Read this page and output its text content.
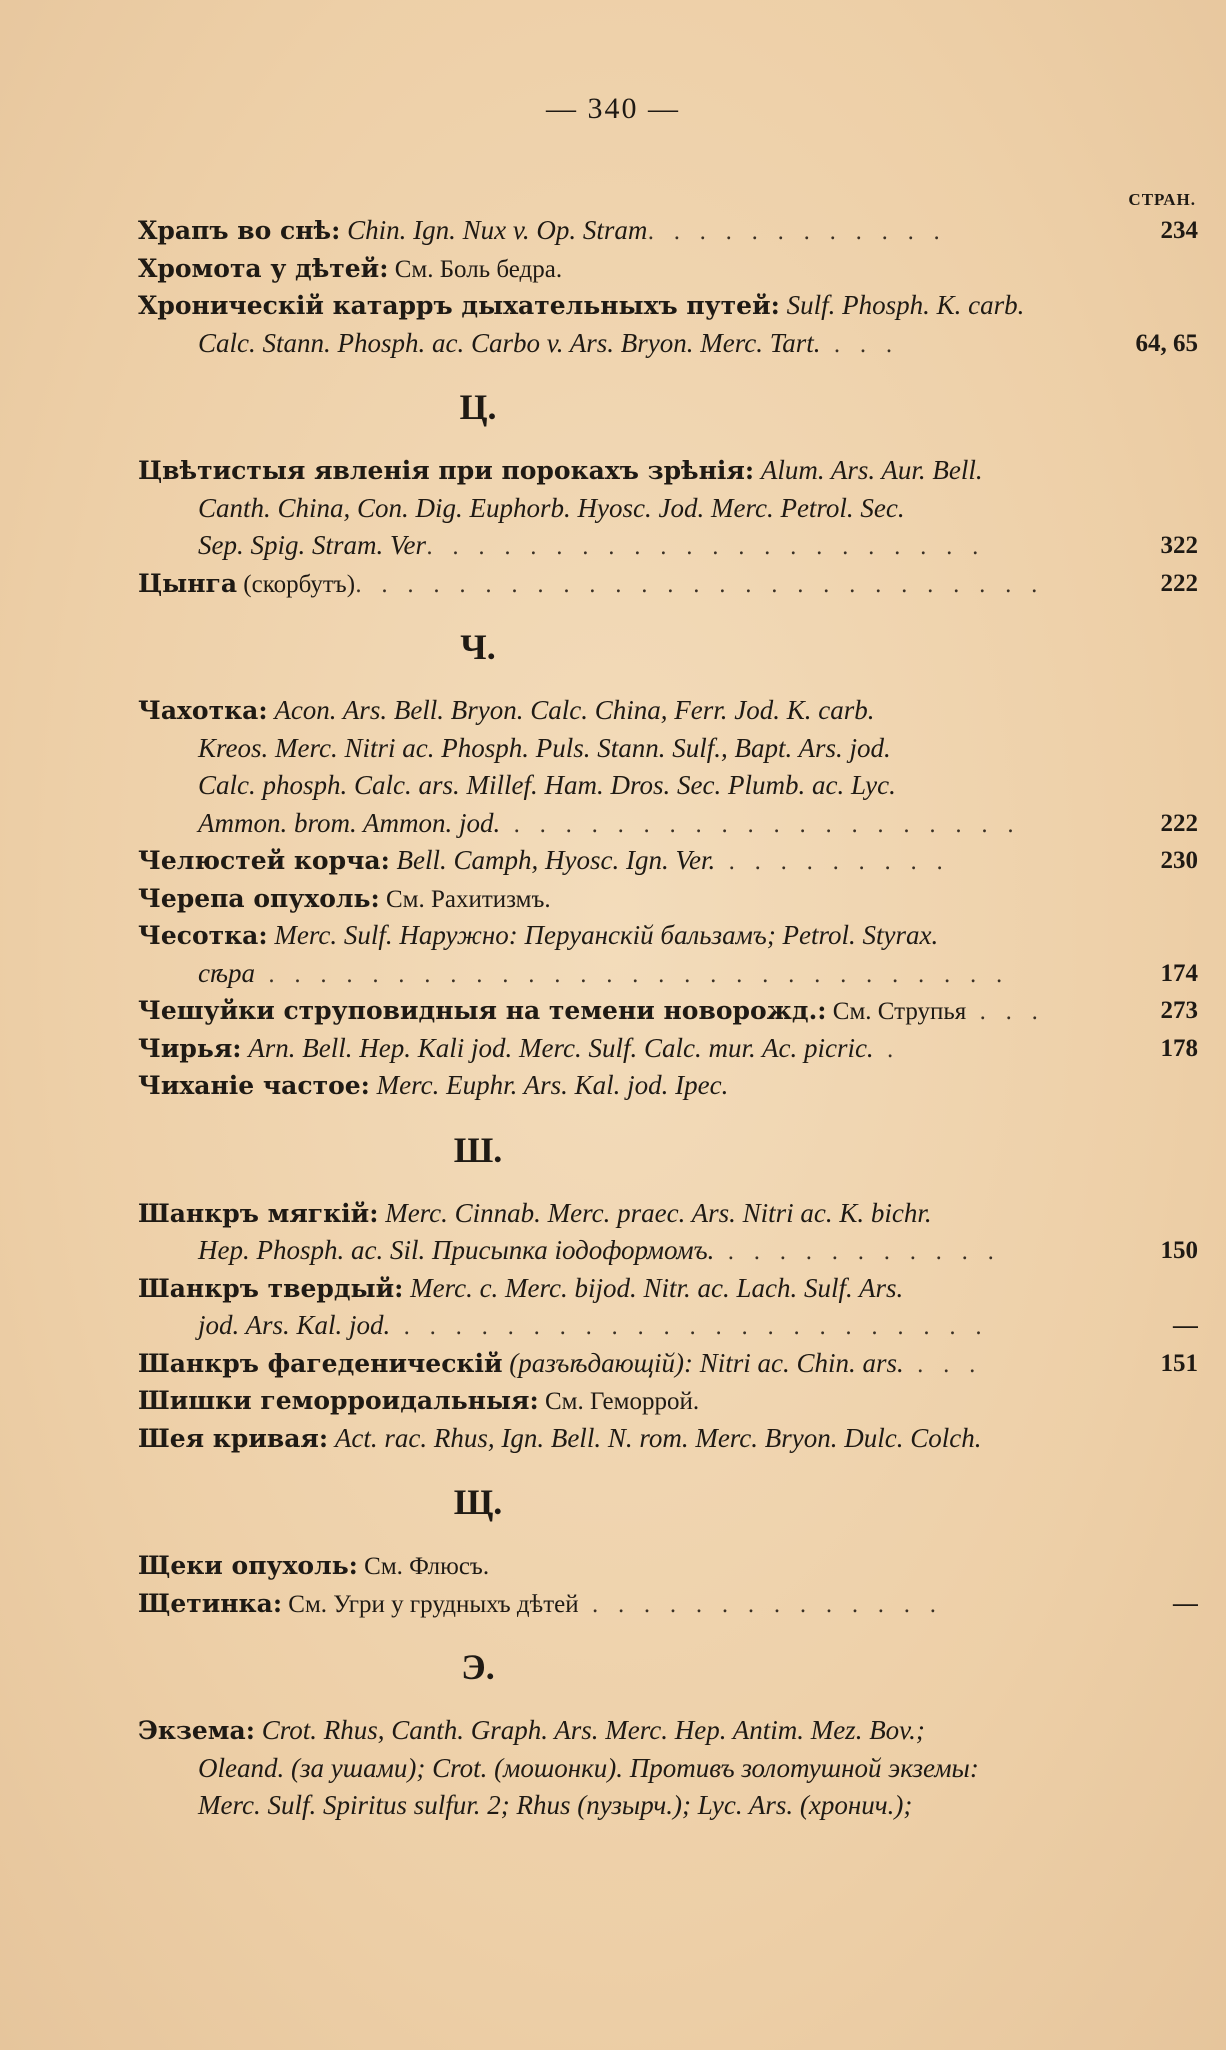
— 340 —
СТРАН.
Храпъ во снѣ: Chin. Ign. Nux v. Op. Stram. . . . . . . . . . . .	234
Хромота у дѣтей: См. Боль бедра.
Хроническій катарръ дыхательныхъ путей: Sulf. Phosph. K. carb.
Calc. Stann. Phosph. ac. Carbo v. Ars. Bryon. Merc. Tart. . . .	64, 65
Ц.
Цвѣтистыя явленія при порокахъ зрѣнія: Alum. Ars. Aur. Bell.
Canth. China, Con. Dig. Euphorb. Hyosc. Jod. Merc. Petrol. Sec.
Sep. Spig. Stram. Ver. . . . . . . . . . . . . . . . . . . . . .	322
Цынга (скорбутъ). . . . . . . . . . . . . . . . . . . . . . . . . . .	222
Ч.
Чахотка: Acon. Ars. Bell. Bryon. Calc. China, Ferr. Jod. K. carb.
Kreos. Merc. Nitri ac. Phosph. Puls. Stann. Sulf., Bapt. Ars. jod.
Calc. phosph. Calc. ars. Millef. Ham. Dros. Sec. Plumb. ac. Lyc.
Ammon. brom. Ammon. jod. . . . . . . . . . . . . . . . . . . . .	222
Челюстей корча: Bell. Camph, Hyosc. Ign. Ver. . . . . . . . . .	230
Черепа опухоль: См. Рахитизмъ.
Чесотка: Merc. Sulf. Наружно: Перуанскій бальзамъ; Petrol. Styrax.
сѣра . . . . . . . . . . . . . . . . . . . . . . . . . . . . .	174
Чешуйки струповидныя на темени новорожд.: См. Струпья . . .	273
Чирья: Arn. Bell. Hep. Kali jod. Merc. Sulf. Calc. mur. Ac. picric. .	178
Чиханіе частое: Merc. Euphr. Ars. Kal. jod. Ipec.
Ш.
Шанкръ мягкій: Merc. Cinnab. Merc. praec. Ars. Nitri ac. K. bichr.
Hep. Phosph. ac. Sil. Присыпка іодоформомъ. . . . . . . . . . . .	150
Шанкръ твердый: Merc. c. Merc. bijod. Nitr. ac. Lach. Sulf. Ars.
jod. Ars. Kal. jod. . . . . . . . . . . . . . . . . . . . . . . .	—
Шанкръ фагеденическій (разъѣдающій): Nitri ac. Chin. ars. . . .	151
Шишки геморроидальныя: См. Геморрой.
Шея кривая: Act. rac. Rhus, Ign. Bell. N. rom. Merc. Bryon. Dulc. Colch.
Щ.
Щеки опухоль: См. Флюсъ.
Щетинка: См. Угри у грудныхъ дѣтей . . . . . . . . . . . . . .	—
Э.
Экзема: Crot. Rhus, Canth. Graph. Ars. Merc. Hep. Antim. Mez. Bov.;
Oleand. (за ушами); Crot. (мошонки). Противъ золотушной экземы:
Merc. Sulf. Spiritus sulfur. 2; Rhus (пузырч.); Lyc. Ars. (хронич.);
